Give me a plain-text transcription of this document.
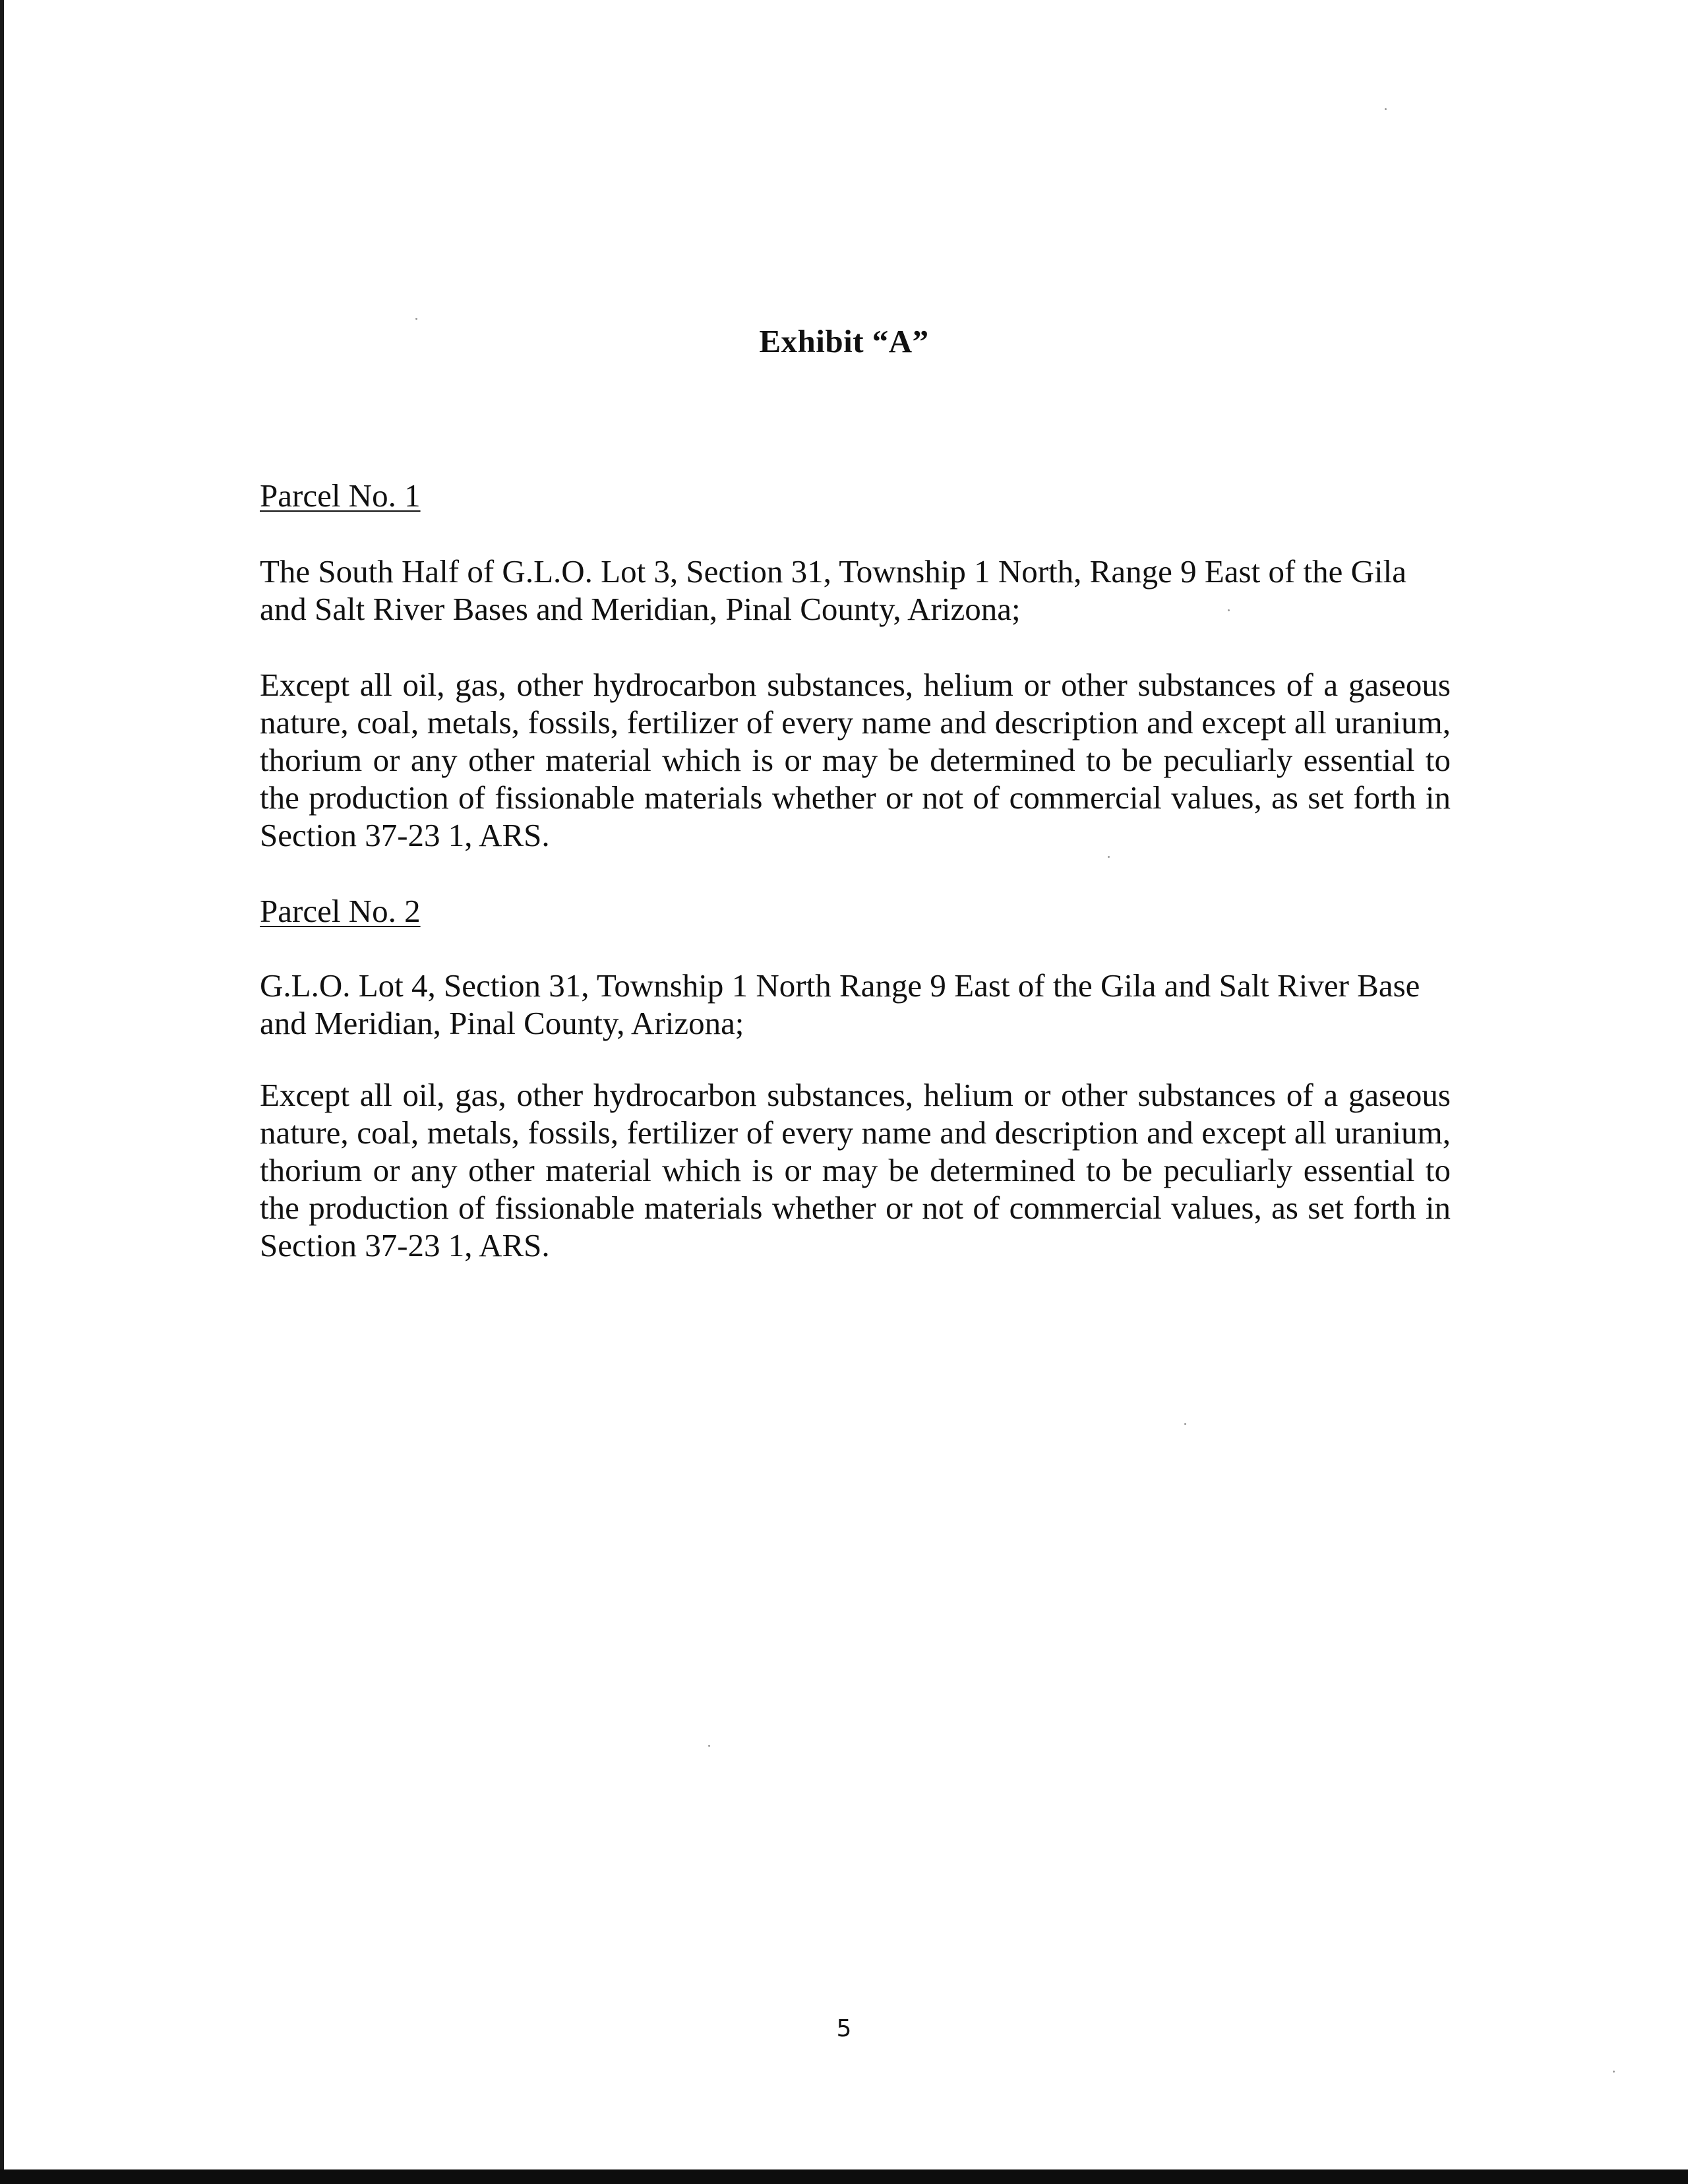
Exhibit “A”
Parcel No. 1
The South Half of G.L.O. Lot 3, Section 31, Township 1 North, Range 9 East of the Gila and Salt River Bases and Meridian, Pinal County, Arizona;
Except all oil, gas, other hydrocarbon substances, helium or other substances of a gaseous nature, coal, metals, fossils, fertilizer of every name and description and except all uranium, thorium or any other material which is or may be determined to be peculiarly essential to the production of fissionable materials whether or not of commercial values, as set forth in Section 37-23 1, ARS.
Parcel No. 2
G.L.O. Lot 4, Section 31, Township 1 North Range 9 East of the Gila and Salt River Base and Meridian, Pinal County, Arizona;
Except all oil, gas, other hydrocarbon substances, helium or other substances of a gaseous nature, coal, metals, fossils, fertilizer of every name and description and except all uranium, thorium or any other material which is or may be determined to be peculiarly essential to the production of fissionable materials whether or not of commercial values, as set forth in Section 37-23 1, ARS.
5
